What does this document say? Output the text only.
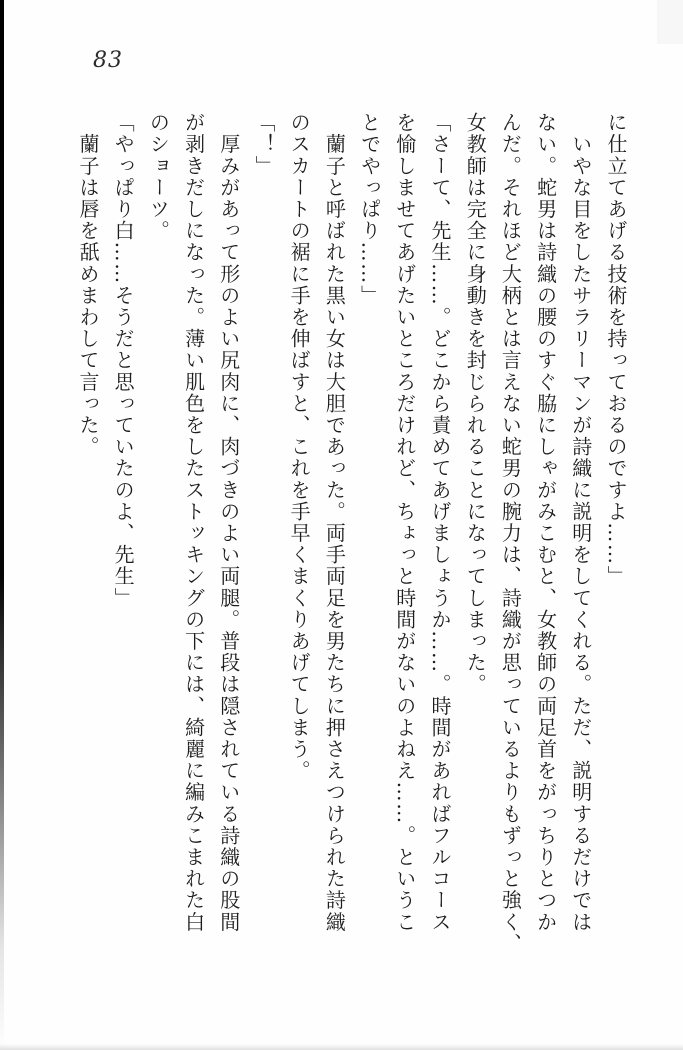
83

に仕立てあげる技術を持っておるのですよ……」

　いやな目をしたサラリーマンが詩織に説明をしてくれる。ただ、説明するだけでは

ない。蛇男は詩織の腰のすぐ脇にしゃがみこむと、女教師の両足首をがっちりとつか

んだ。それほど大柄とは言えない蛇男の腕力は、詩織が思っているよりもずっと強く、

女教師は完全に身動きを封じられることになってしまった。

「さーて、先生……。どこから責めてあげましょうか……。時間があればフルコース

を愉しませてあげたいところだけれど、ちょっと時間がないのよねえ……。というこ

とでやっぱり……」

　蘭子と呼ばれた黒い女は大胆であった。両手両足を男たちに押さえつけられた詩織

のスカートの裾に手を伸ばすと、これを手早くまくりあげてしまう。

「！」

　厚みがあって形のよい尻肉に、肉づきのよい両腿。普段は隠されている詩織の股間

が剥きだしになった。薄い肌色をしたストッキングの下には、綺麗に編みこまれた白

のショーツ。

「やっぱり白……そうだと思っていたのよ、先生」

　蘭子は唇を舐めまわして言った。
